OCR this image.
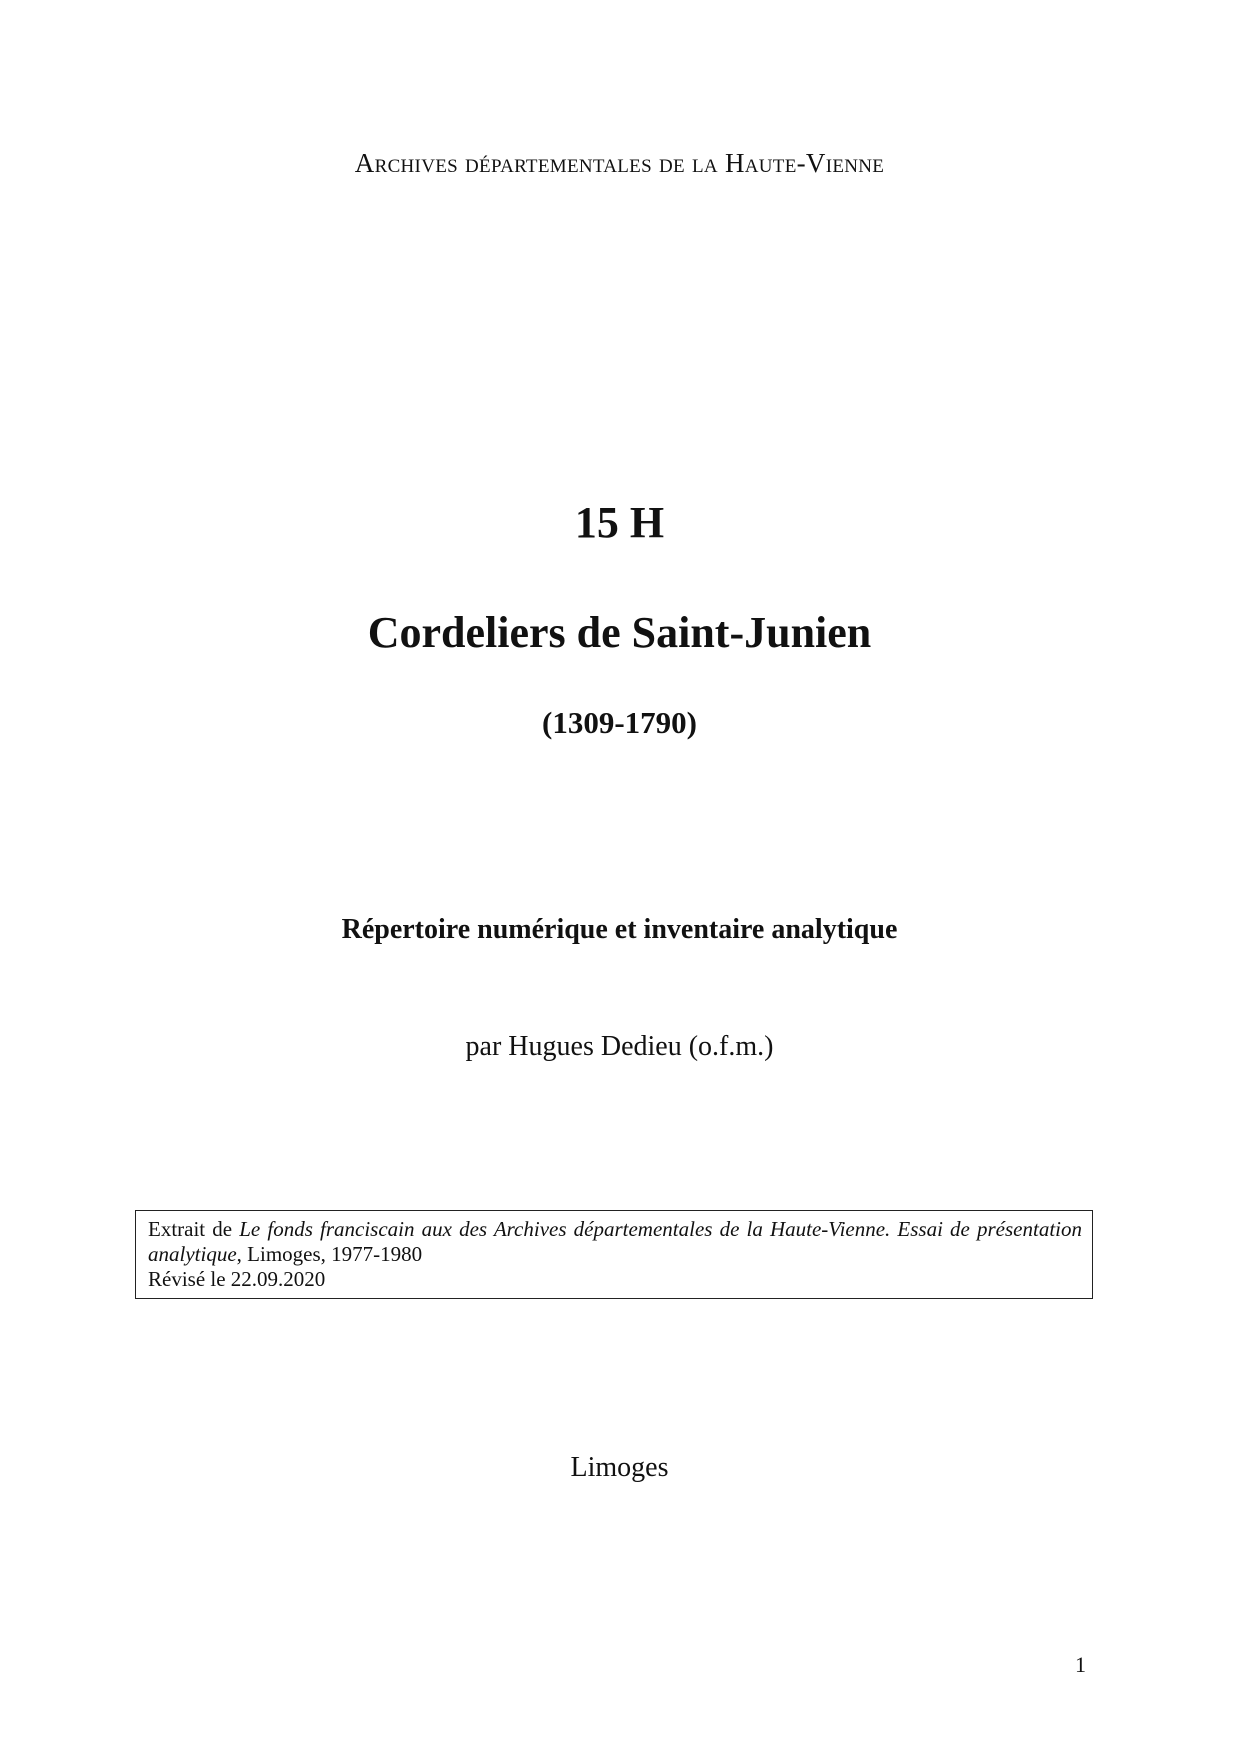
Archives départementales de la Haute-Vienne
15 H
Cordeliers de Saint-Junien
(1309-1790)
Répertoire numérique et inventaire analytique
par Hugues Dedieu (o.f.m.)
Extrait de Le fonds franciscain aux des Archives départementales de la Haute-Vienne. Essai de présentation
analytique, Limoges, 1977-1980
Révisé le 22.09.2020
Limoges
1
